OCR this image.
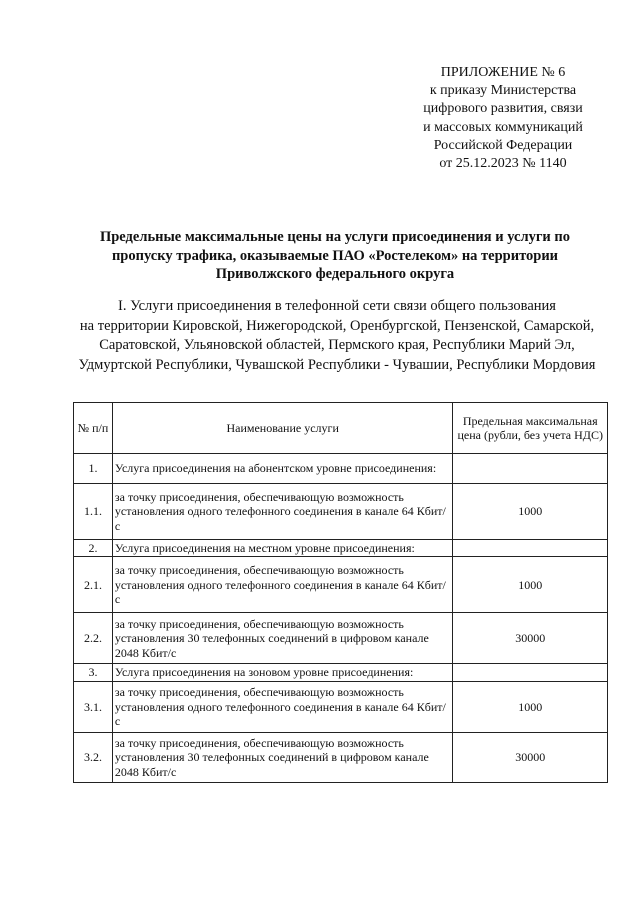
ПРИЛОЖЕНИЕ № 6
к приказу Министерства
цифрового развития, связи
и массовых коммуникаций
Российской Федерации
от 25.12.2023 № 1140
Предельные максимальные цены на услуги присоединения и услуги по
пропуску трафика, оказываемые ПАО «Ростелеком» на территории
Приволжского федерального округа
I. Услуги присоединения в телефонной сети связи общего пользования
на территории Кировской, Нижегородской, Оренбургской, Пензенской, Самарской,
Саратовской, Ульяновской областей, Пермского края, Республики Марий Эл,
Удмуртской Республики, Чувашской Республики - Чувашии, Республики Мордовия
№ п/п	Наименование услуги	Предельная максимальная цена (рубли, без учета НДС)
1.	Услуга присоединения на абонентском уровне присоединения:	
1.1.	за точку присоединения, обеспечивающую возможность установления одного телефонного соединения в канале 64 Кбит/с	1000
2.	Услуга присоединения на местном уровне присоединения:	
2.1.	за точку присоединения, обеспечивающую возможность установления одного телефонного соединения в канале 64 Кбит/с	1000
2.2.	за точку присоединения, обеспечивающую возможность установления 30 телефонных соединений в цифровом канале 2048 Кбит/с	30000
3.	Услуга присоединения на зоновом уровне присоединения:	
3.1.	за точку присоединения, обеспечивающую возможность установления одного телефонного соединения в канале 64 Кбит/с	1000
3.2.	за точку присоединения, обеспечивающую возможность установления 30 телефонных соединений в цифровом канале 2048 Кбит/с	30000
